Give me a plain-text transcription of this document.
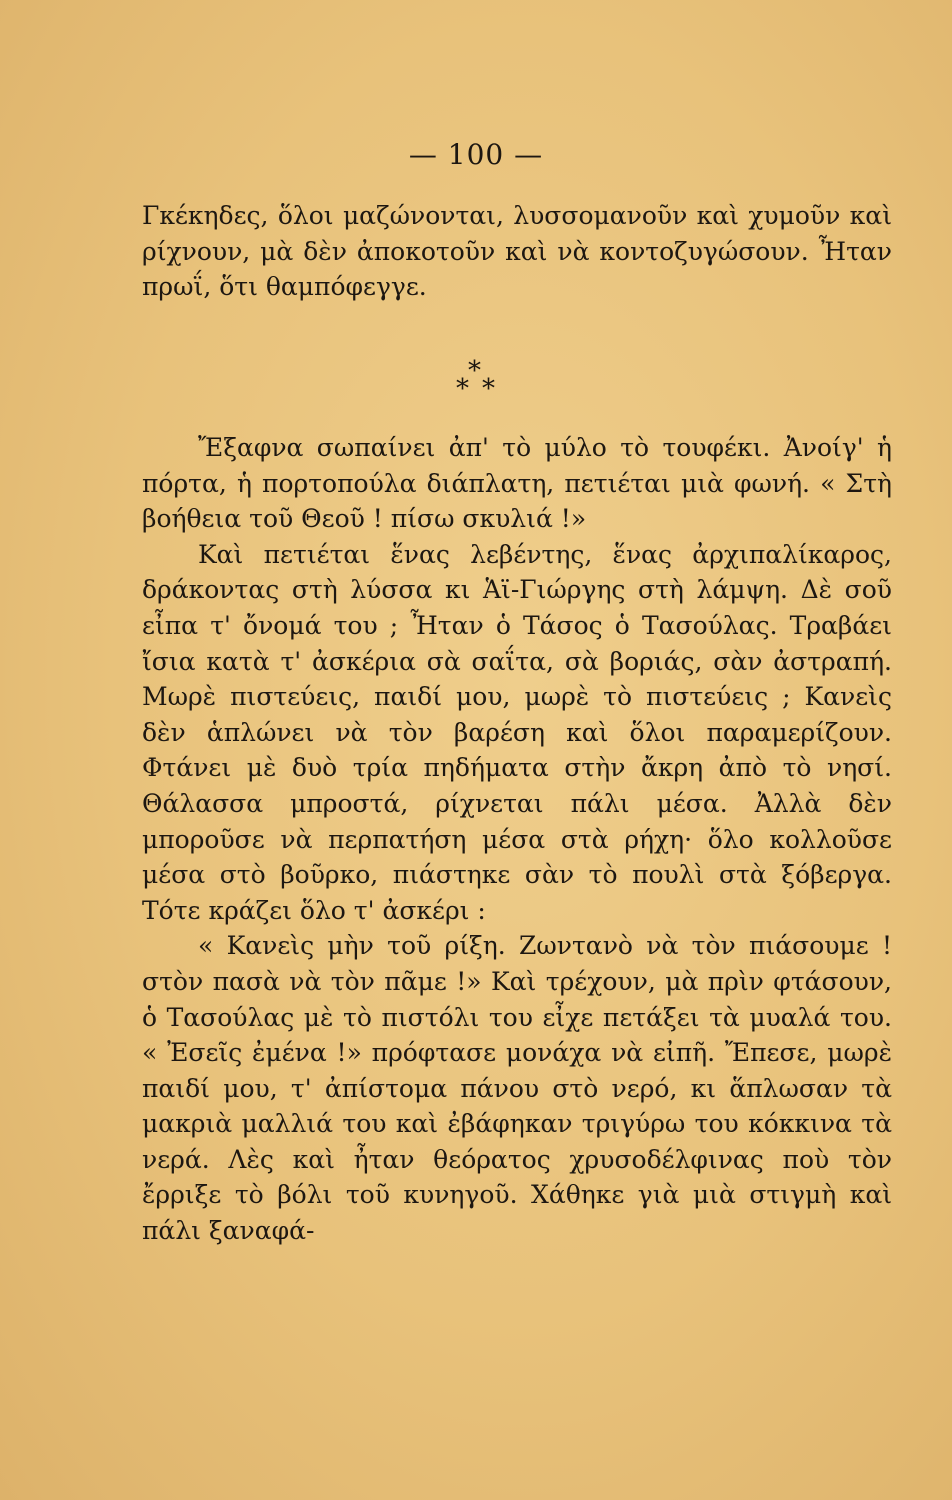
— 100 —

Γκέκηδες, ὅλοι μαζώνονται, λυσσομανοῦν καὶ χυμοῦν καὶ ρίχνουν, μὰ δὲν ἀποκοτοῦν καὶ νὰ κοντοζυγώσουν. Ἦταν πρωΐ, ὅτι θαμπόφεγγε.

*
* *

Ἔξαφνα σωπαίνει ἀπ' τὸ μύλο τὸ τουφέκι. Ἀνοίγ' ἡ πόρτα, ἡ πορτοπούλα διάπλατη, πετιέται μιὰ φωνή. « Στὴ βοήθεια τοῦ Θεοῦ ! πίσω σκυλιά !»

Καὶ πετιέται ἕνας λεβέντης, ἕνας ἀρχιπαλίκαρος, δράκοντας στὴ λύσσα κι Ἁϊ-Γιώργης στὴ λάμψη. Δὲ σοῦ εἶπα τ' ὄνομά του ; Ἦταν ὁ Τάσος ὁ Τασούλας. Τραβάει ἴσια κατὰ τ' ἀσκέρια σὰ σαΐτα, σὰ βοριάς, σὰν ἀστραπή. Μωρὲ πιστεύεις, παιδί μου, μωρὲ τὸ πιστεύεις ; Κανεὶς δὲν ἁπλώνει νὰ τὸν βαρέση καὶ ὅλοι παραμερίζουν. Φτάνει μὲ δυὸ τρία πηδήματα στὴν ἄκρη ἀπὸ τὸ νησί. Θάλασσα μπροστά, ρίχνεται πάλι μέσα. Ἀλλὰ δὲν μποροῦσε νὰ περπατήση μέσα στὰ ρήχη· ὅλο κολλοῦσε μέσα στὸ βοῦρκο, πιάστηκε σὰν τὸ πουλὶ στὰ ξόβεργα. Τότε κράζει ὅλο τ' ἀσκέρι :

« Κανεὶς μὴν τοῦ ρίξη. Ζωντανὸ νὰ τὸν πιάσουμε ! στὸν πασὰ νὰ τὸν πᾶμε !» Καὶ τρέχουν, μὰ πρὶν φτάσουν, ὁ Τασούλας μὲ τὸ πιστόλι του εἶχε πετάξει τὰ μυαλά του. « Ἐσεῖς ἐμένα !» πρόφτασε μονάχα νὰ εἰπῆ. Ἔπεσε, μωρὲ παιδί μου, τ' ἀπίστομα πάνου στὸ νερό, κι ἅπλωσαν τὰ μακριὰ μαλλιά του καὶ ἐβάφηκαν τριγύρω του κόκκινα τὰ νερά. Λὲς καὶ ἦταν θεόρατος χρυσοδέλφινας ποὺ τὸν ἔρριξε τὸ βόλι τοῦ κυνηγοῦ. Χάθηκε γιὰ μιὰ στιγμὴ καὶ πάλι ξαναφά-
